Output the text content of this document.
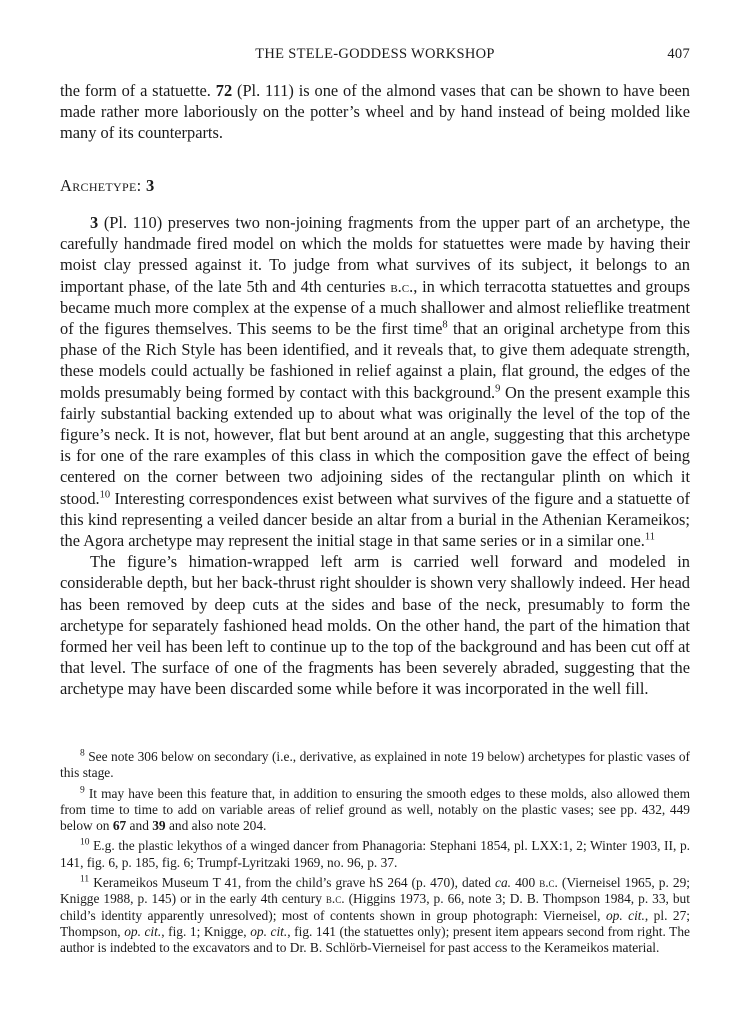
THE STELE-GODDESS WORKSHOP	407

the form of a statuette. 72 (Pl. 111) is one of the almond vases that can be shown to have been made rather more laboriously on the potter’s wheel and by hand instead of being molded like many of its counterparts.

Archetype: 3

3 (Pl. 110) preserves two non-joining fragments from the upper part of an archetype, the carefully handmade fired model on which the molds for statuettes were made by having their moist clay pressed against it. To judge from what survives of its subject, it belongs to an important phase, of the late 5th and 4th centuries b.c., in which terracotta statuettes and groups became much more complex at the expense of a much shallower and almost relieflike treatment of the figures themselves. This seems to be the first time$^8$ that an original archetype from this phase of the Rich Style has been identified, and it reveals that, to give them adequate strength, these models could actually be fashioned in relief against a plain, flat ground, the edges of the molds presumably being formed by contact with this background.$^9$ On the present example this fairly substantial backing extended up to about what was originally the level of the top of the figure’s neck. It is not, however, flat but bent around at an angle, suggesting that this archetype is for one of the rare examples of this class in which the composition gave the effect of being centered on the corner between two adjoining sides of the rectangular plinth on which it stood.$^{10}$ Interesting correspondences exist between what survives of the figure and a statuette of this kind representing a veiled dancer beside an altar from a burial in the Athenian Kerameikos; the Agora archetype may represent the initial stage in that same series or in a similar one.$^{11}$

The figure’s himation-wrapped left arm is carried well forward and modeled in considerable depth, but her back-thrust right shoulder is shown very shallowly indeed. Her head has been removed by deep cuts at the sides and base of the neck, presumably to form the archetype for separately fashioned head molds. On the other hand, the part of the himation that formed her veil has been left to continue up to the top of the background and has been cut off at that level. The surface of one of the fragments has been severely abraded, suggesting that the archetype may have been discarded some while before it was incorporated in the well fill.

$^8$ See note 306 below on secondary (i.e., derivative, as explained in note 19 below) archetypes for plastic vases of this stage.

$^9$ It may have been this feature that, in addition to ensuring the smooth edges to these molds, also allowed them from time to time to add on variable areas of relief ground as well, notably on the plastic vases; see pp. 432, 449 below on 67 and 39 and also note 204.

$^{10}$ E.g. the plastic lekythos of a winged dancer from Phanagoria: Stephani 1854, pl. LXX:1, 2; Winter 1903, II, p. 141, fig. 6, p. 185, fig. 6; Trumpf-Lyritzaki 1969, no. 96, p. 37.

$^{11}$ Kerameikos Museum T 41, from the child’s grave hS 264 (p. 470), dated ca. 400 b.c. (Vierneisel 1965, p. 29; Knigge 1988, p. 145) or in the early 4th century b.c. (Higgins 1973, p. 66, note 3; D. B. Thompson 1984, p. 33, but child’s identity apparently unresolved); most of contents shown in group photograph: Vierneisel, op. cit., pl. 27; Thompson, op. cit., fig. 1; Knigge, op. cit., fig. 141 (the statuettes only); present item appears second from right. The author is indebted to the excavators and to Dr. B. Schlörb-Vierneisel for past access to the Kerameikos material.
